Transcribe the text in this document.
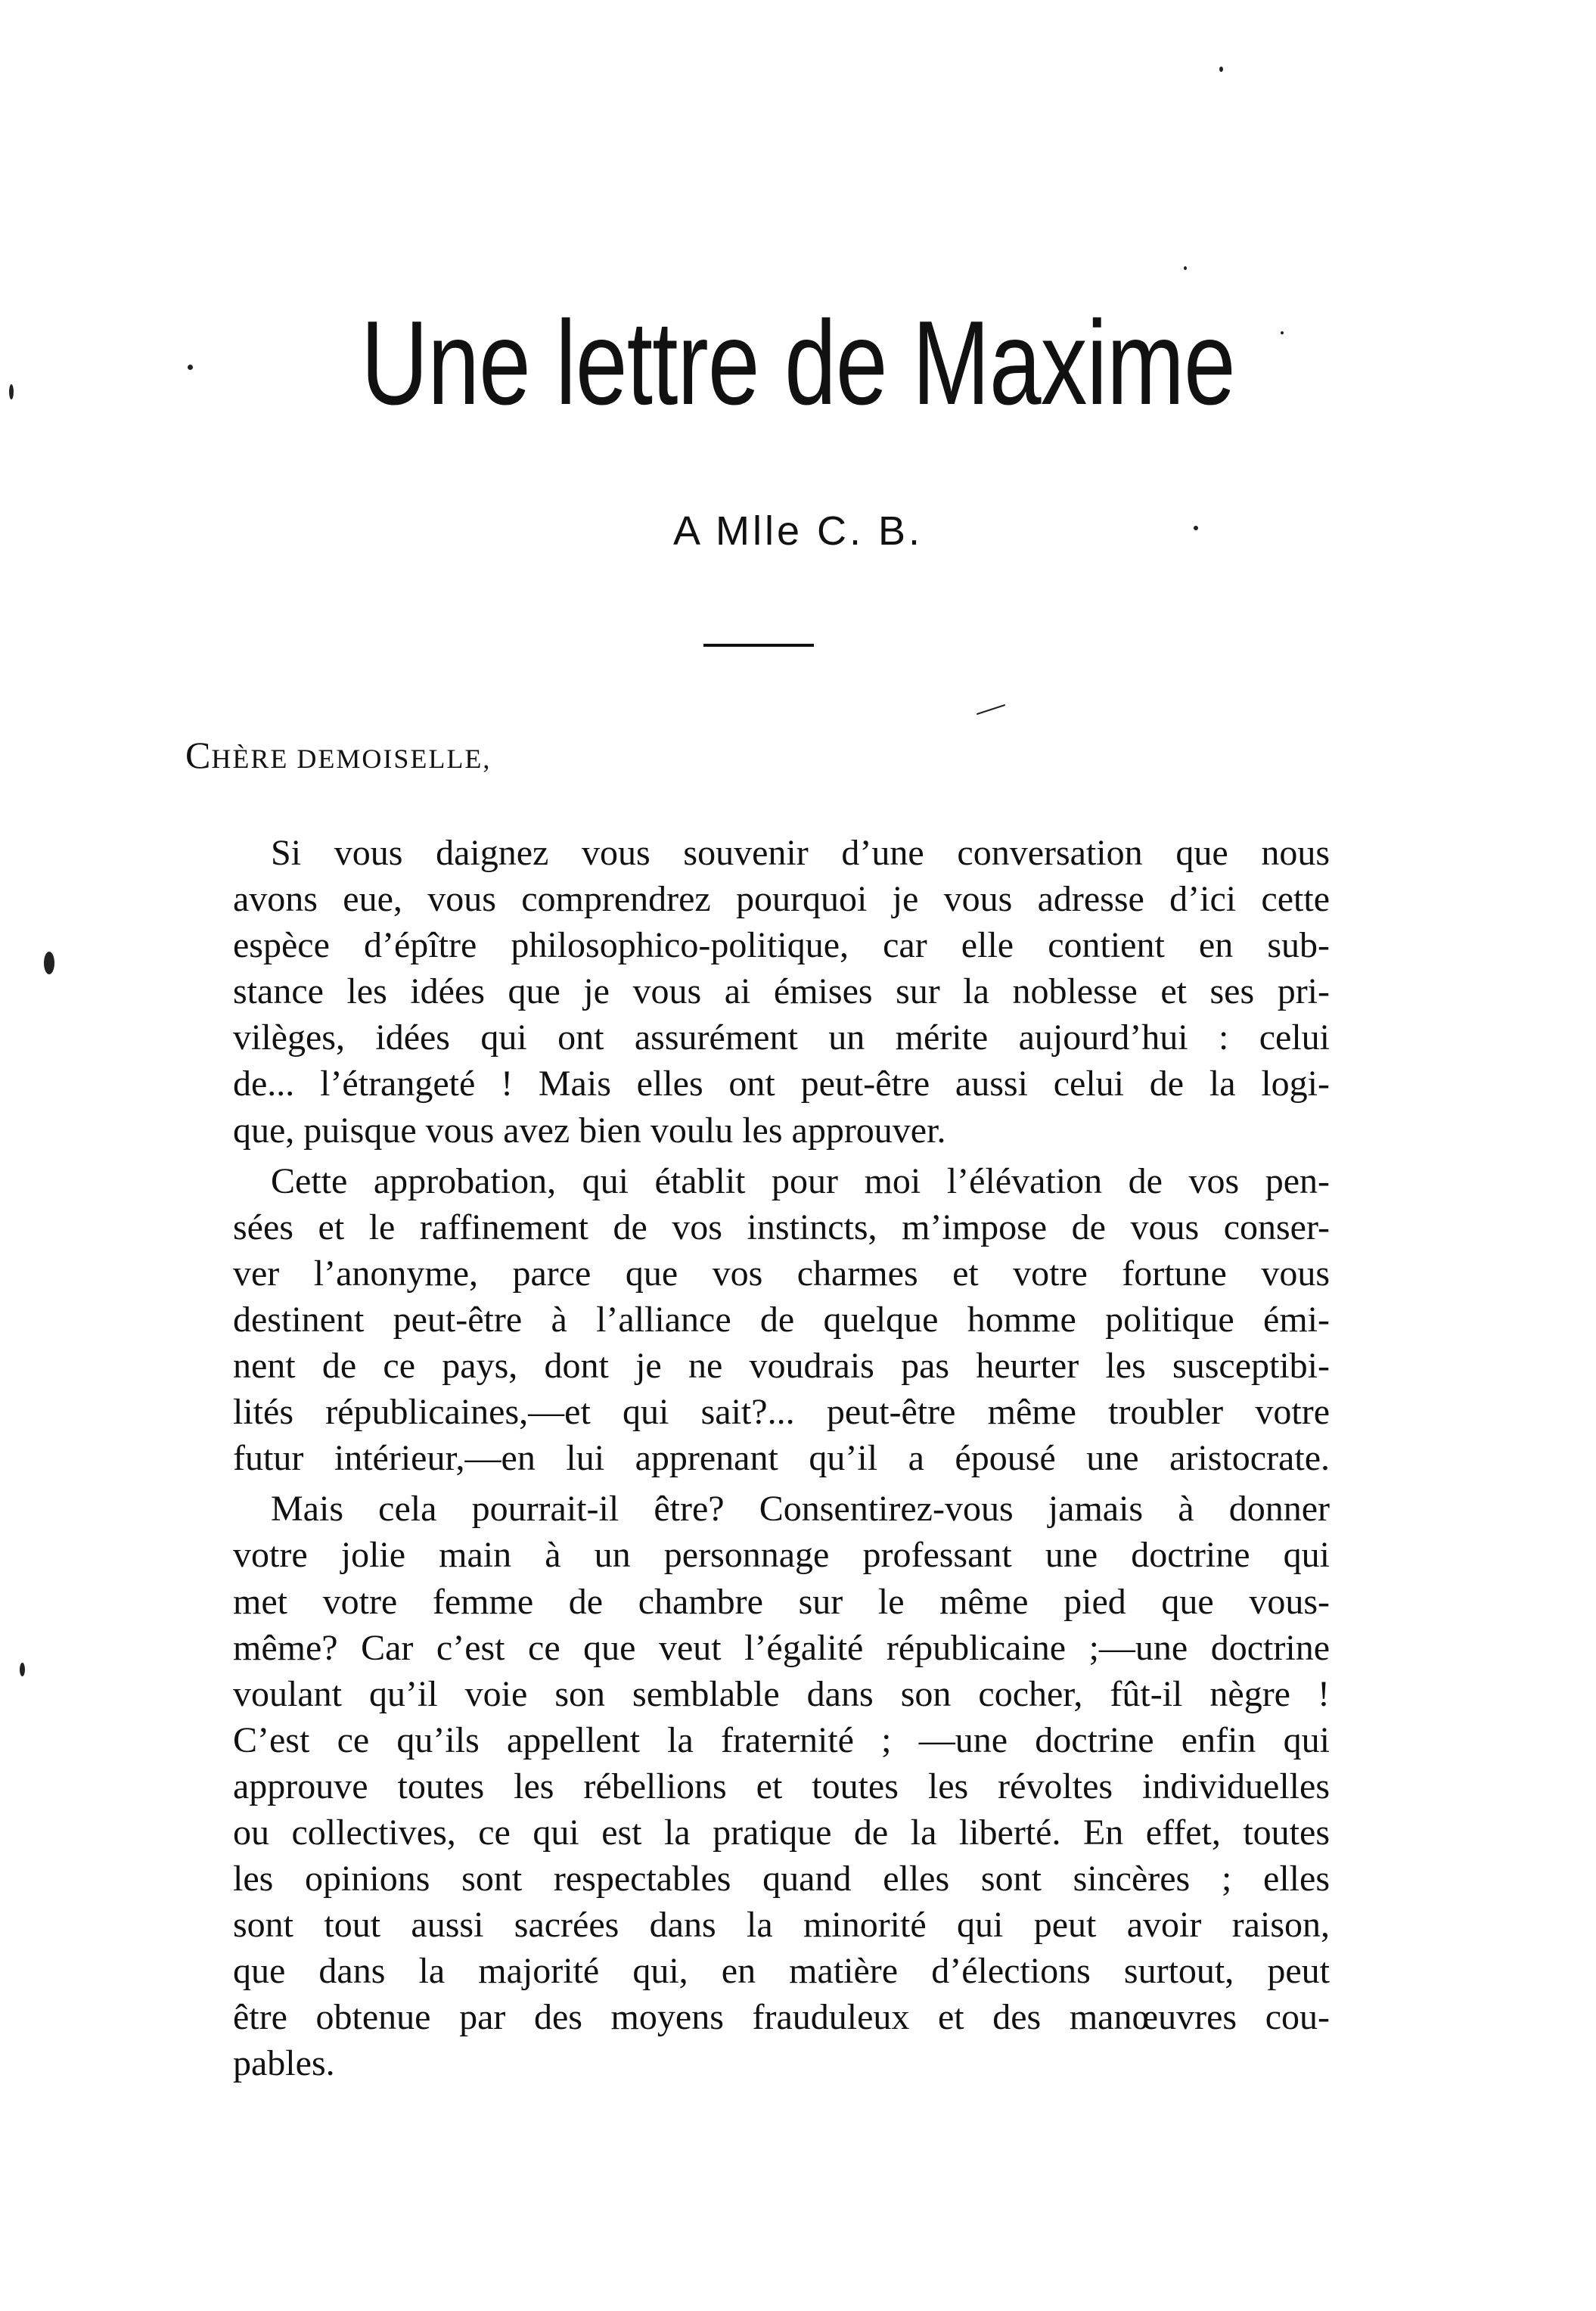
Une lettre de Maxime
A Mlle C. B.
CHÈRE DEMOISELLE,
Si vous daignez vous souvenir d’une conversation que nous
avons eue, vous comprendrez pourquoi je vous adresse d’ici cette
espèce d’épître philosophico-politique, car elle contient en sub-
stance les idées que je vous ai émises sur la noblesse et ses pri-
vilèges, idées qui ont assurément un mérite aujourd’hui : celui
de... l’étrangeté ! Mais elles ont peut-être aussi celui de la logi-
que, puisque vous avez bien voulu les approuver.
Cette approbation, qui établit pour moi l’élévation de vos pen-
sées et le raffinement de vos instincts, m’impose de vous conser-
ver l’anonyme, parce que vos charmes et votre fortune vous
destinent peut-être à l’alliance de quelque homme politique émi-
nent de ce pays, dont je ne voudrais pas heurter les susceptibi-
lités républicaines,—et qui sait?... peut-être même troubler votre
futur intérieur,—en lui apprenant qu’il a épousé une aristocrate.
Mais cela pourrait-il être? Consentirez-vous jamais à donner
votre jolie main à un personnage professant une doctrine qui
met votre femme de chambre sur le même pied que vous-
même? Car c’est ce que veut l’égalité républicaine ;—une doctrine
voulant qu’il voie son semblable dans son cocher, fût-il nègre !
C’est ce qu’ils appellent la fraternité ; —une doctrine enfin qui
approuve toutes les rébellions et toutes les révoltes individuelles
ou collectives, ce qui est la pratique de la liberté. En effet, toutes
les opinions sont respectables quand elles sont sincères ; elles
sont tout aussi sacrées dans la minorité qui peut avoir raison,
que dans la majorité qui, en matière d’élections surtout, peut
être obtenue par des moyens frauduleux et des manœuvres cou-
pables.
